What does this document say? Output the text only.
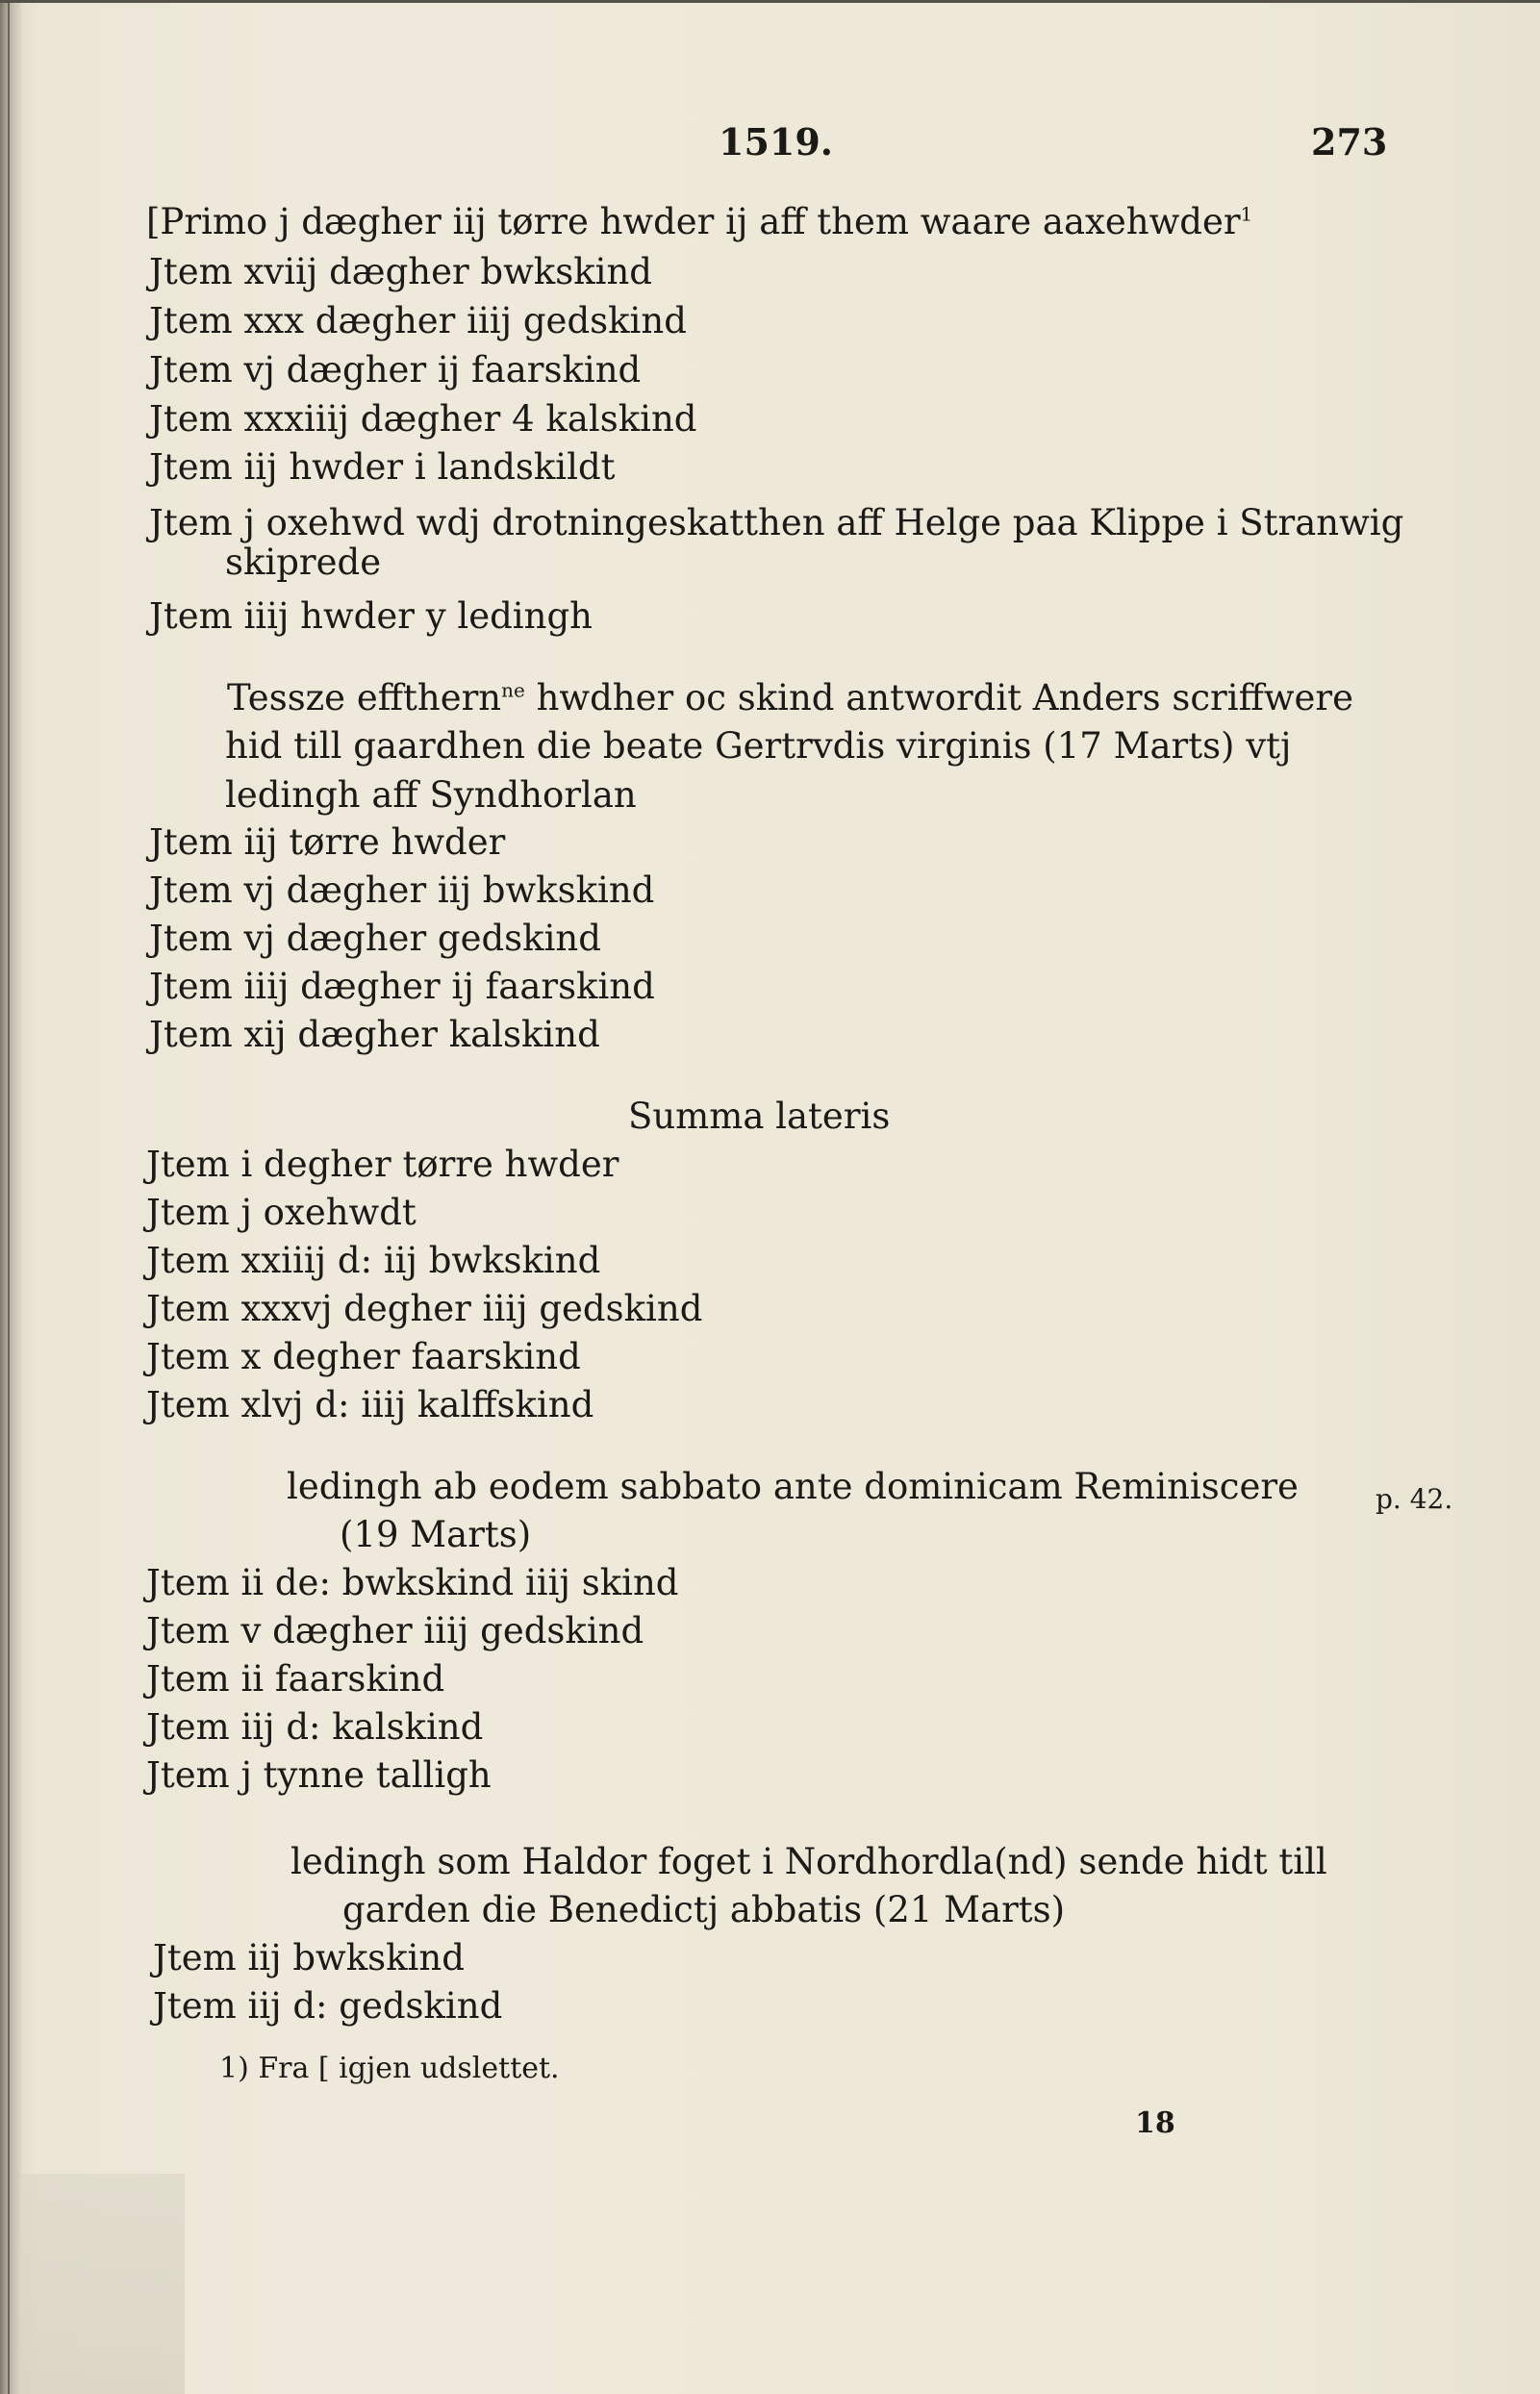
1519.	273
[Primo j dægher iij tørre hwder ij aff them waare aaxehwder$^1$
Jtem xviij dægher bwkskind
Jtem xxx dægher iiij gedskind
Jtem vj dægher ij faarskind
Jtem xxxiiij dægher 4 kalskind
Jtem iij hwder i landskildt
Jtem j oxehwd wdj drotningeskatthen aff Helge paa Klippe i Stranwig
skiprede
Jtem iiij hwder y ledingh
Tessze effthern$^{ne}$ hwdher oc skind antwordit Anders scriffwere
hid till gaardhen die beate Gertrvdis virginis (17 Marts) vtj
ledingh aff Syndhorlan
Jtem iij tørre hwder
Jtem vj dægher iij bwkskind
Jtem vj dægher gedskind
Jtem iiij dægher ij faarskind
Jtem xij dægher kalskind
Summa lateris
Jtem i degher tørre hwder
Jtem j oxehwdt
Jtem xxiiij d: iij bwkskind
Jtem xxxvj degher iiij gedskind
Jtem x degher faarskind
Jtem xlvj d: iiij kalffskind
ledingh ab eodem sabbato ante dominicam Reminiscere
(19 Marts)
Jtem ii de: bwkskind iiij skind
Jtem v dægher iiij gedskind
Jtem ii faarskind
Jtem iij d: kalskind
Jtem j tynne talligh
ledingh som Haldor foget i Nordhordla(nd) sende hidt till
garden die Benedictj abbatis (21 Marts)
Jtem iij bwkskind
Jtem iij d: gedskind
p. 42.
1) Fra [ igjen udslettet.
18
